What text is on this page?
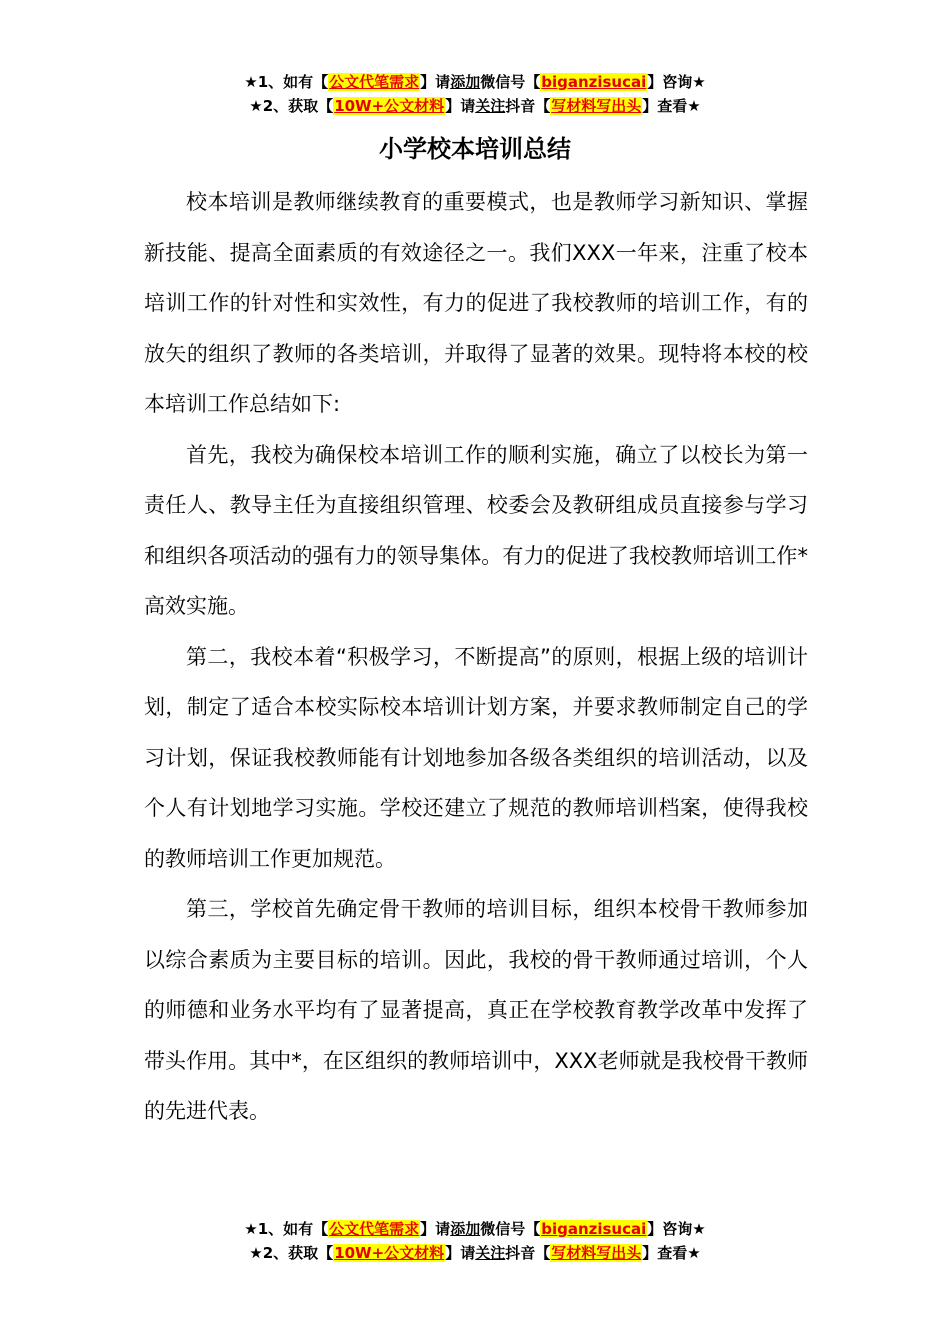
★1、如有【公文代笔需求】请添加微信号【biganzisucai】咨询★
★2、获取【10W+公文材料】请关注抖音【写材料写出头】查看★
小学校本培训总结

校本培训是教师继续教育的重要模式，也是教师学习新知识、掌握新技能、提高全面素质的有效途径之一。我们XXX一年来，注重了校本培训工作的针对性和实效性，有力的促进了我校教师的培训工作，有的放矢的组织了教师的各类培训，并取得了显著的效果。现特将本校的校本培训工作总结如下:

首先，我校为确保校本培训工作的顺利实施，确立了以校长为第一责任人、教导主任为直接组织管理、校委会及教研组成员直接参与学习和组织各项活动的强有力的领导集体。有力的促进了我校教师培训工作*高效实施。

第二，我校本着“积极学习，不断提高”的原则，根据上级的培训计划，制定了适合本校实际校本培训计划方案，并要求教师制定自己的学习计划，保证我校教师能有计划地参加各级各类组织的培训活动，以及个人有计划地学习实施。学校还建立了规范的教师培训档案，使得我校的教师培训工作更加规范。

第三，学校首先确定骨干教师的培训目标，组织本校骨干教师参加以综合素质为主要目标的培训。因此，我校的骨干教师通过培训，个人的师德和业务水平均有了显著提高，真正在学校教育教学改革中发挥了带头作用。其中*，在区组织的教师培训中，XXX老师就是我校骨干教师的先进代表。

★1、如有【公文代笔需求】请添加微信号【biganzisucai】咨询★
★2、获取【10W+公文材料】请关注抖音【写材料写出头】查看★
